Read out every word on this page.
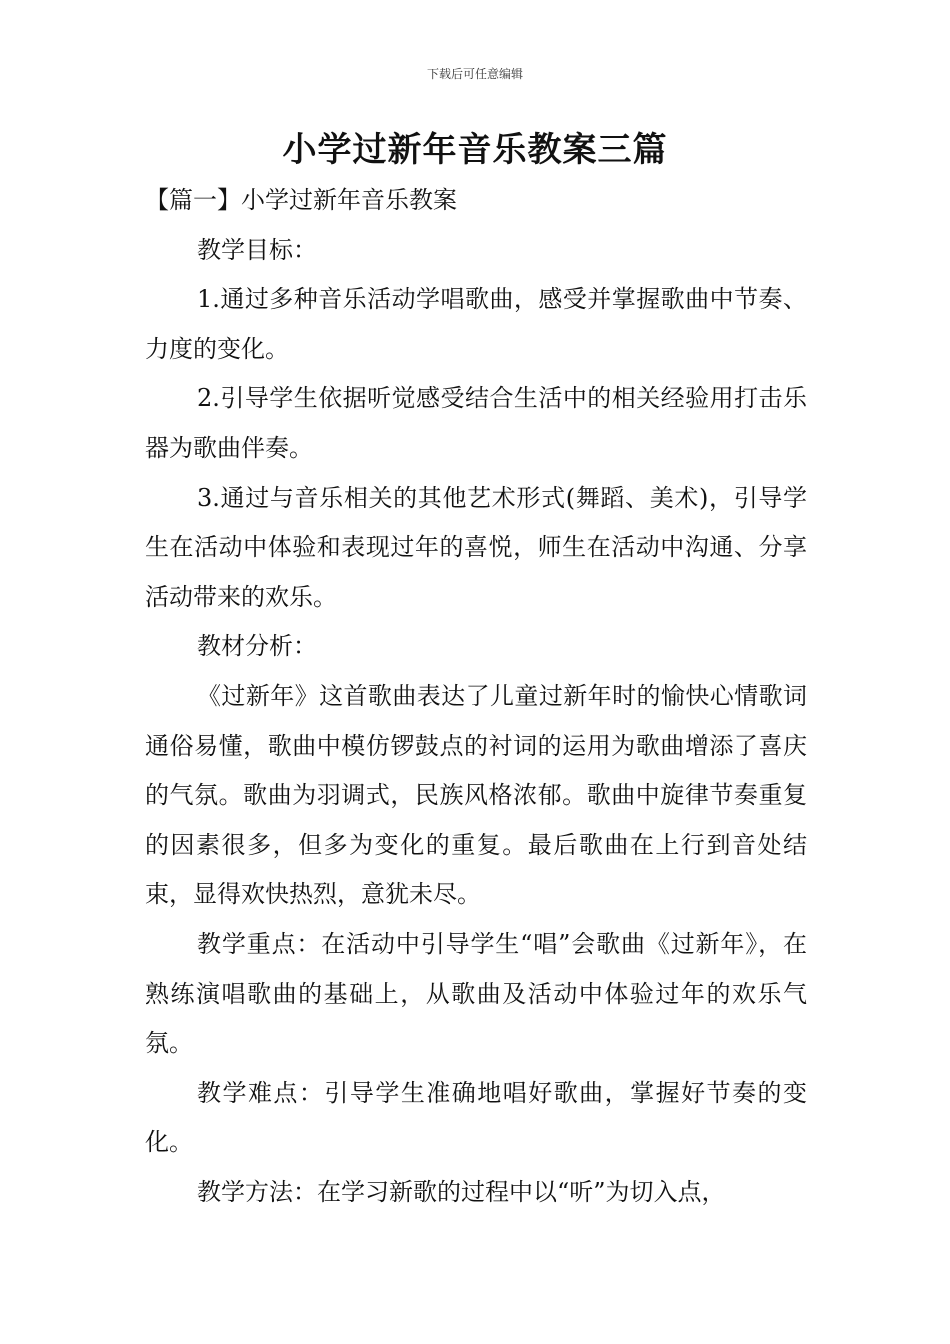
下载后可任意编辑
小学过新年音乐教案三篇

【篇一】小学过新年音乐教案

教学目标：

1.通过多种音乐活动学唱歌曲，感受并掌握歌曲中节奏、力度的变化。

2.引导学生依据听觉感受结合生活中的相关经验用打击乐器为歌曲伴奏。

3.通过与音乐相关的其他艺术形式(舞蹈、美术)，引导学生在活动中体验和表现过年的喜悦，师生在活动中沟通、分享活动带来的欢乐。

教材分析：

《过新年》这首歌曲表达了儿童过新年时的愉快心情歌词通俗易懂，歌曲中模仿锣鼓点的衬词的运用为歌曲增添了喜庆的气氛。歌曲为羽调式，民族风格浓郁。歌曲中旋律节奏重复的因素很多，但多为变化的重复。最后歌曲在上行到音处结束，显得欢快热烈，意犹未尽。

教学重点：在活动中引导学生“唱”会歌曲《过新年》，在熟练演唱歌曲的基础上，从歌曲及活动中体验过年的欢乐气氛。

教学难点：引导学生准确地唱好歌曲，掌握好节奏的变化。

教学方法：在学习新歌的过程中以“听”为切入点，
